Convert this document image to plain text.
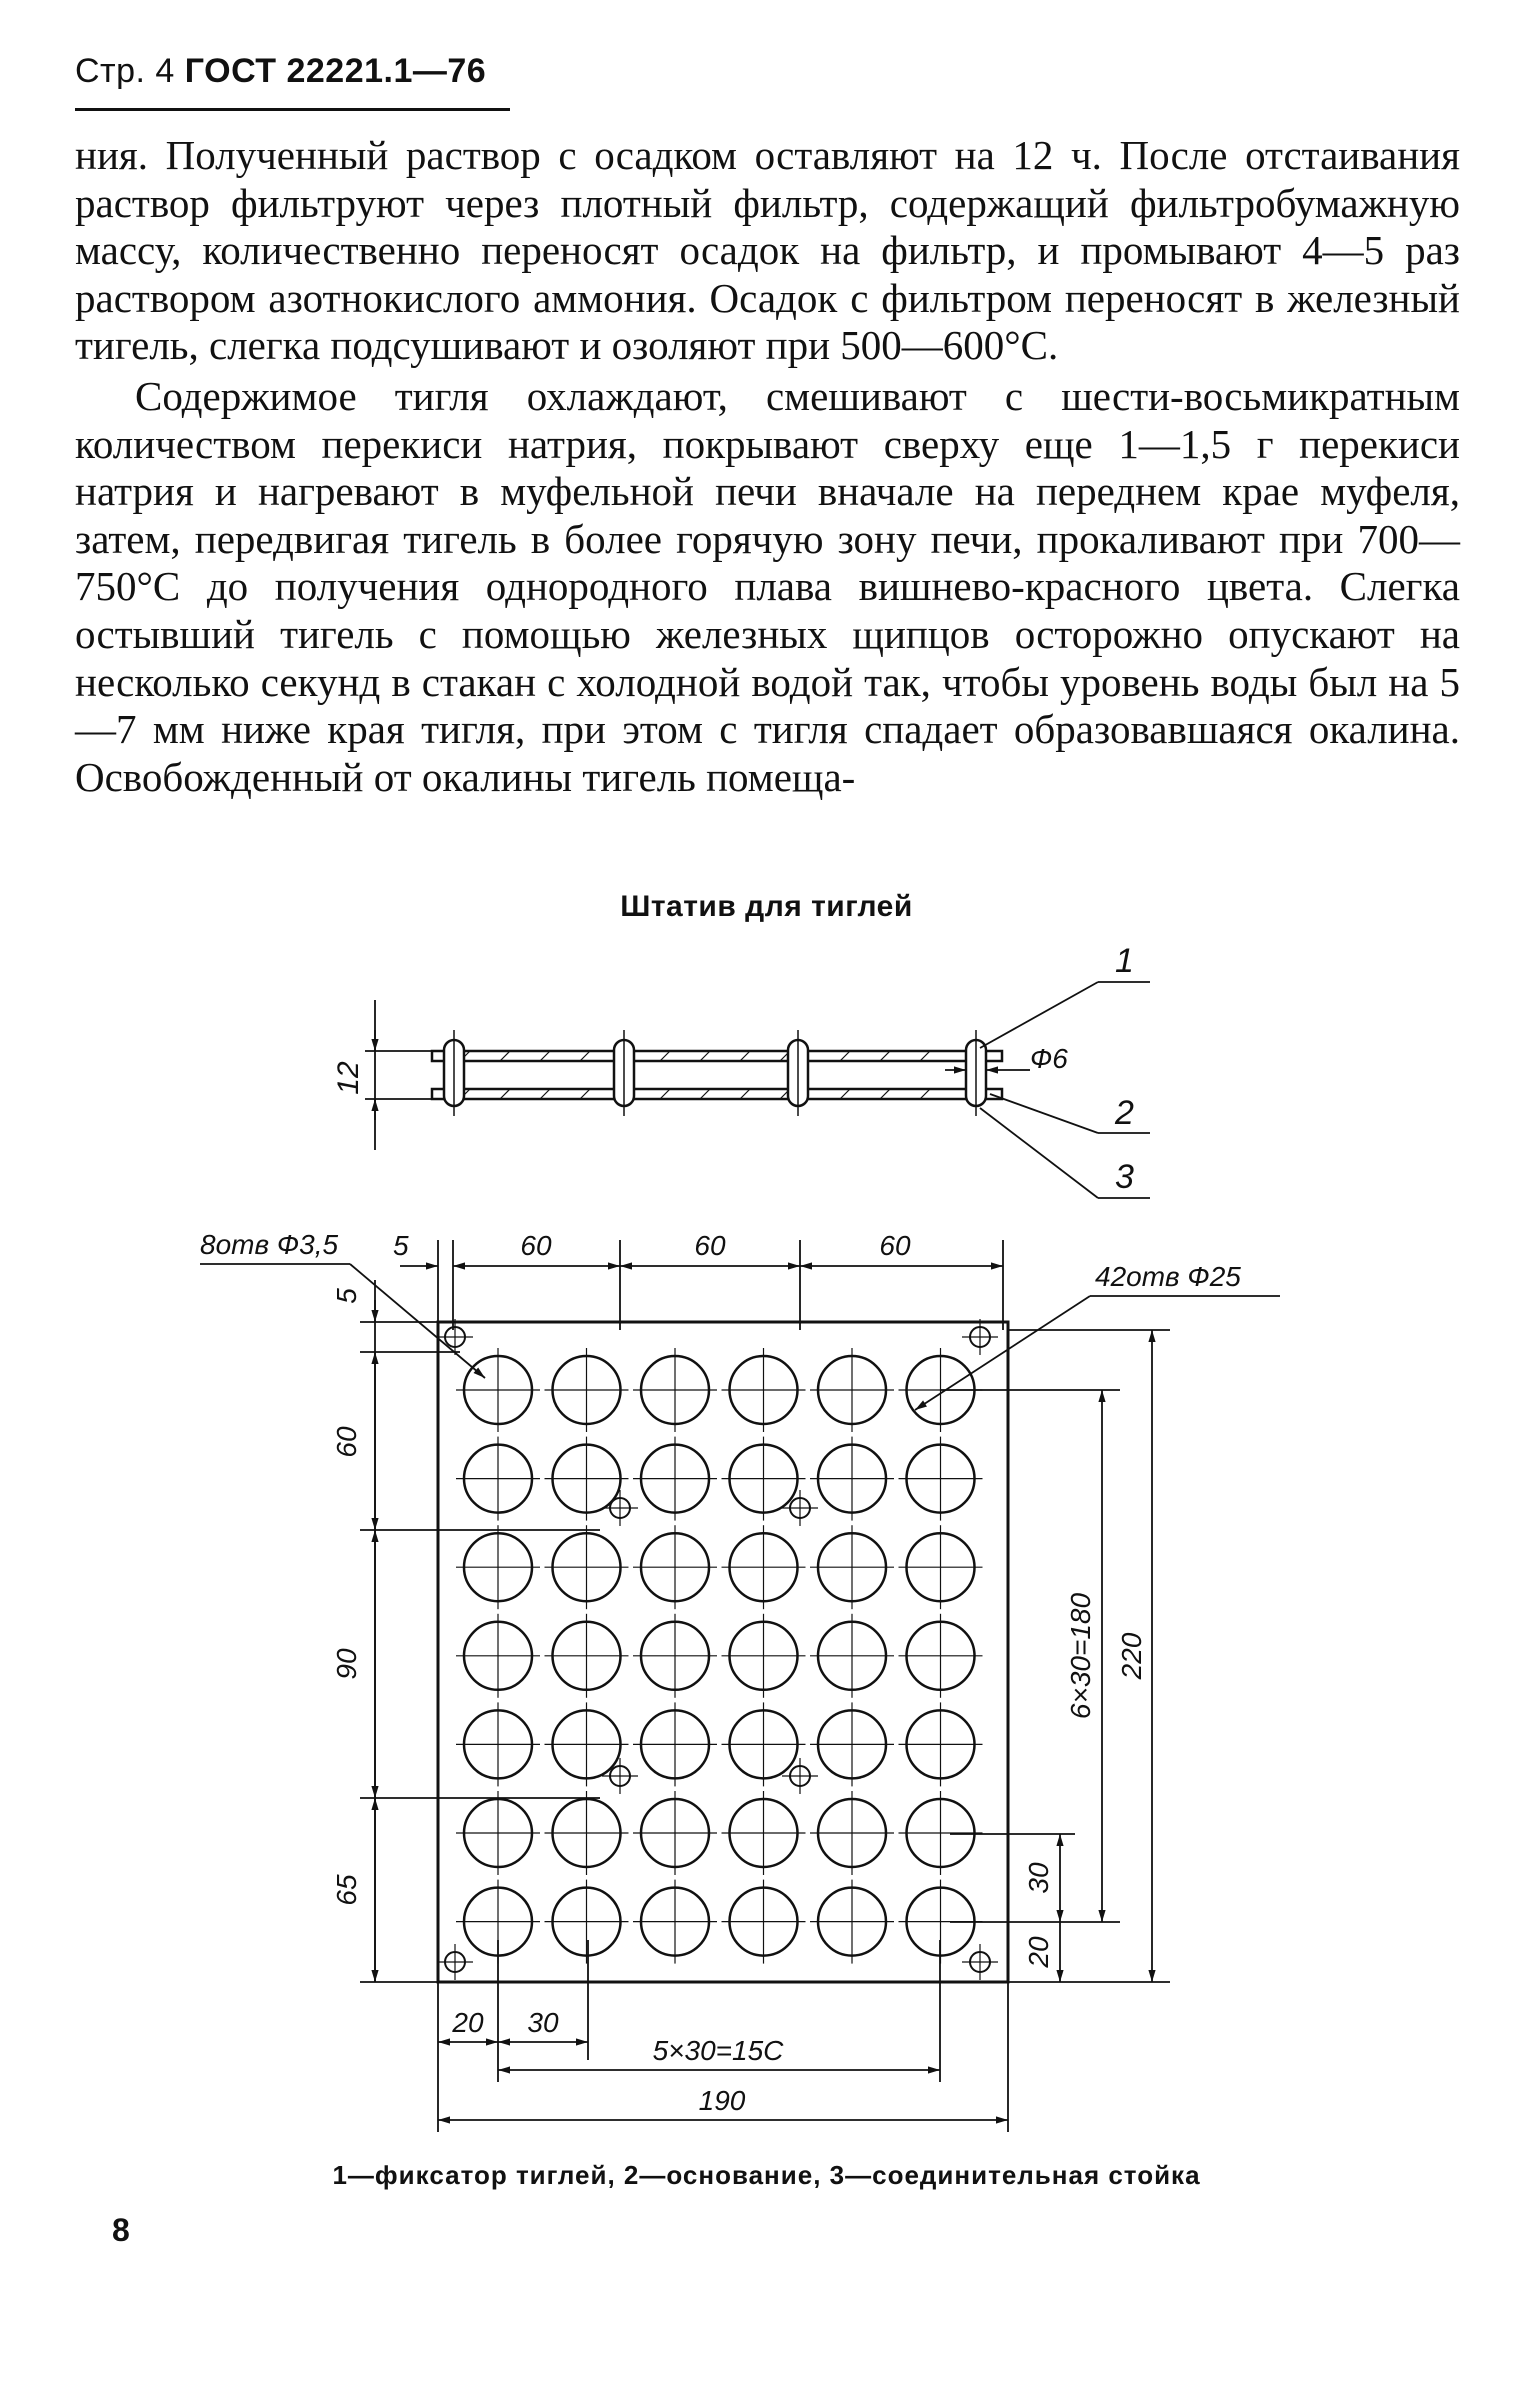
Стр. 4 ГОСТ 22221.1—76

ния. Полученный раствор с осадком оставляют на 12 ч. После отстаивания раствор фильтруют через плотный фильтр, содержащий фильтробумажную массу, количественно переносят осадок на фильтр, и промывают 4—5 раз раствором азотнокислого аммония. Осадок с фильтром переносят в железный тигель, слегка подсушивают и озоляют при 500—600°С.

Содержимое тигля охлаждают, смешивают с шести-восьмикратным количеством перекиси натрия, покрывают сверху еще 1—1,5 г перекиси натрия и нагревают в муфельной печи вначале на переднем крае муфеля, затем, передвигая тигель в более горячую зону печи, прокаливают при 700—750°С до получения однородного плава вишнево-красного цвета. Слегка остывший тигель с помощью железных щипцов осторожно опускают на несколько секунд в стакан с холодной водой так, чтобы уровень воды был на 5—7 мм ниже края тигля, при этом с тигля спадает образовавшаяся окалина. Освобожденный от окалины тигель помеща-

Штатив для тиглей
12
Ф6
1
2
3
5	60	60	60
8отв Ф3,5
42отв Ф25
5
60
90
65
6×30=180 220
30
20
20 30
5×30=15С
190
1—фиксатор тиглей, 2—основание, 3—соединительная стойка
8
